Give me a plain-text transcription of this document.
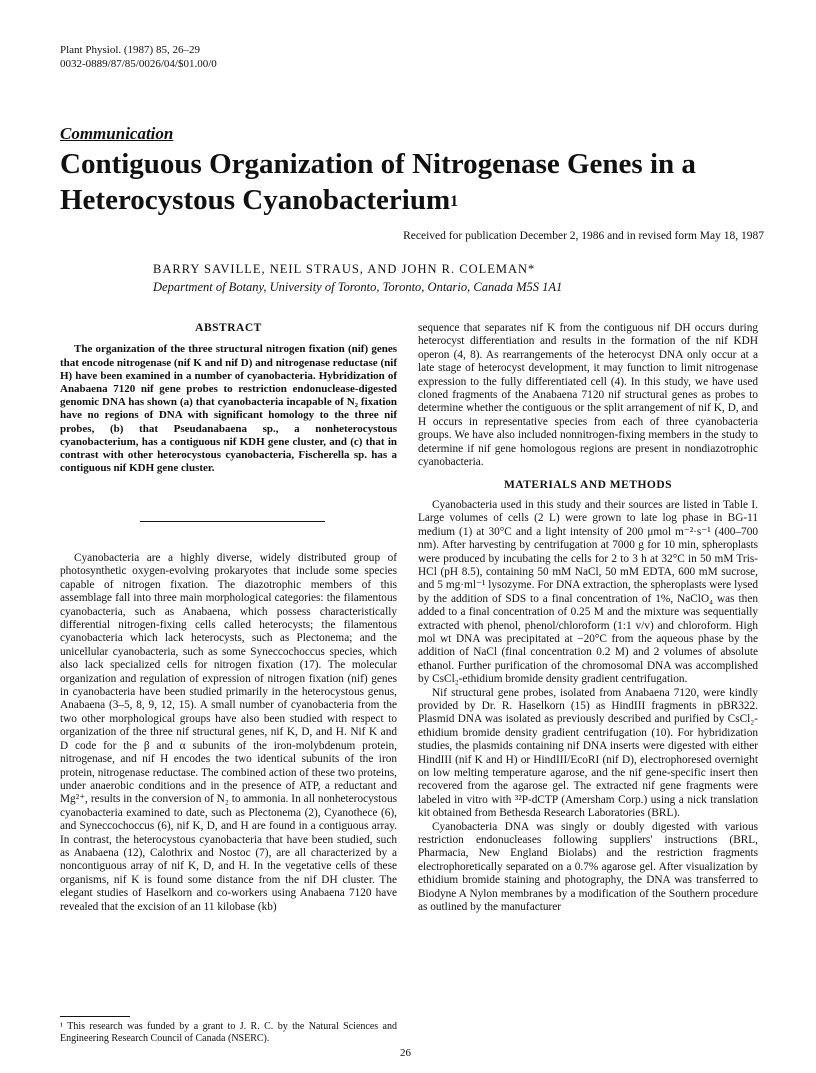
Plant Physiol. (1987) 85, 26–29
0032-0889/87/85/0026/04/$01.00/0
Communication
Contiguous Organization of Nitrogenase Genes in a Heterocystous Cyanobacterium$^1$
Received for publication December 2, 1986 and in revised form May 18, 1987
BARRY SAVILLE, NEIL STRAUS, AND JOHN R. COLEMAN*
Department of Botany, University of Toronto, Toronto, Ontario, Canada M5S 1A1
ABSTRACT

The organization of the three structural nitrogen fixation (nif) genes that encode nitrogenase (nif K and nif D) and nitrogenase reductase (nif H) have been examined in a number of cyanobacteria. Hybridization of Anabaena 7120 nif gene probes to restriction endonuclease-digested genomic DNA has shown (a) that cyanobacteria incapable of N₂ fixation have no regions of DNA with significant homology to the three nif probes, (b) that Pseudanabaena sp., a nonheterocystous cyanobacterium, has a contiguous nif KDH gene cluster, and (c) that in contrast with other heterocystous cyanobacteria, Fischerella sp. has a contiguous nif KDH gene cluster.

Cyanobacteria are a highly diverse, widely distributed group of photosynthetic oxygen-evolving prokaryotes that include some species capable of nitrogen fixation. The diazotrophic members of this assemblage fall into three main morphological categories: the filamentous cyanobacteria, such as Anabaena, which possess characteristically differential nitrogen-fixing cells called heterocysts; the filamentous cyanobacteria which lack heterocysts, such as Plectonema; and the unicellular cyanobacteria, such as some Syneccochoccus species, which also lack specialized cells for nitrogen fixation (17). The molecular organization and regulation of expression of nitrogen fixation (nif) genes in cyanobacteria have been studied primarily in the heterocystous genus, Anabaena (3–5, 8, 9, 12, 15). A small number of cyanobacteria from the two other morphological groups have also been studied with respect to organization of the three nif structural genes, nif K, D, and H. Nif K and D code for the β and α subunits of the iron-molybdenum protein, nitrogenase, and nif H encodes the two identical subunits of the iron protein, nitrogenase reductase. The combined action of these two proteins, under anaerobic conditions and in the presence of ATP, a reductant and Mg²⁺, results in the conversion of N₂ to ammonia. In all nonheterocystous cyanobacteria examined to date, such as Plectonema (2), Cyanothece (6), and Syneccochoccus (6), nif K, D, and H are found in a contiguous array. In contrast, the heterocystous cyanobacteria that have been studied, such as Anabaena (12), Calothrix and Nostoc (7), are all characterized by a noncontiguous array of nif K, D, and H. In the vegetative cells of these organisms, nif K is found some distance from the nif DH cluster. The elegant studies of Haselkorn and co-workers using Anabaena 7120 have revealed that the excision of an 11 kilobase (kb)

sequence that separates nif K from the contiguous nif DH occurs during heterocyst differentiation and results in the formation of the nif KDH operon (4, 8). As rearrangements of the heterocyst DNA only occur at a late stage of heterocyst development, it may function to limit nitrogenase expression to the fully differentiated cell (4). In this study, we have used cloned fragments of the Anabaena 7120 nif structural genes as probes to determine whether the contiguous or the split arrangement of nif K, D, and H occurs in representative species from each of three cyanobacteria groups. We have also included nonnitrogen-fixing members in the study to determine if nif gene homologous regions are present in nondiazotrophic cyanobacteria.

MATERIALS AND METHODS

Cyanobacteria used in this study and their sources are listed in Table I. Large volumes of cells (2 L) were grown to late log phase in BG-11 medium (1) at 30°C and a light intensity of 200 μmol m⁻²·s⁻¹ (400–700 nm). After harvesting by centrifugation at 7000 g for 10 min, spheroplasts were produced by incubating the cells for 2 to 3 h at 32°C in 50 mM Tris-HCl (pH 8.5), containing 50 mM NaCl, 50 mM EDTA, 600 mM sucrose, and 5 mg·ml⁻¹ lysozyme. For DNA extraction, the spheroplasts were lysed by the addition of SDS to a final concentration of 1%, NaClO₄ was then added to a final concentration of 0.25 M and the mixture was sequentially extracted with phenol, phenol/chloroform (1:1 v/v) and chloroform. High mol wt DNA was precipitated at −20°C from the aqueous phase by the addition of NaCl (final concentration 0.2 M) and 2 volumes of absolute ethanol. Further purification of the chromosomal DNA was accomplished by CsCl₂-ethidium bromide density gradient centrifugation.

Nif structural gene probes, isolated from Anabaena 7120, were kindly provided by Dr. R. Haselkorn (15) as HindIII fragments in pBR322. Plasmid DNA was isolated as previously described and purified by CsCl₂-ethidium bromide density gradient centrifugation (10). For hybridization studies, the plasmids containing nif DNA inserts were digested with either HindIII (nif K and H) or HindIII/EcoRI (nif D), electrophoresed overnight on low melting temperature agarose, and the nif gene-specific insert then recovered from the agarose gel. The extracted nif gene fragments were labeled in vitro with ³²P-dCTP (Amersham Corp.) using a nick translation kit obtained from Bethesda Research Laboratories (BRL).

Cyanobacteria DNA was singly or doubly digested with various restriction endonucleases following suppliers' instructions (BRL, Pharmacia, New England Biolabs) and the restriction fragments electrophoretically separated on a 0.7% agarose gel. After visualization by ethidium bromide staining and photography, the DNA was transferred to Biodyne A Nylon membranes by a modification of the Southern procedure as outlined by the manufacturer

¹ This research was funded by a grant to J. R. C. by the Natural Sciences and Engineering Research Council of Canada (NSERC).
26
